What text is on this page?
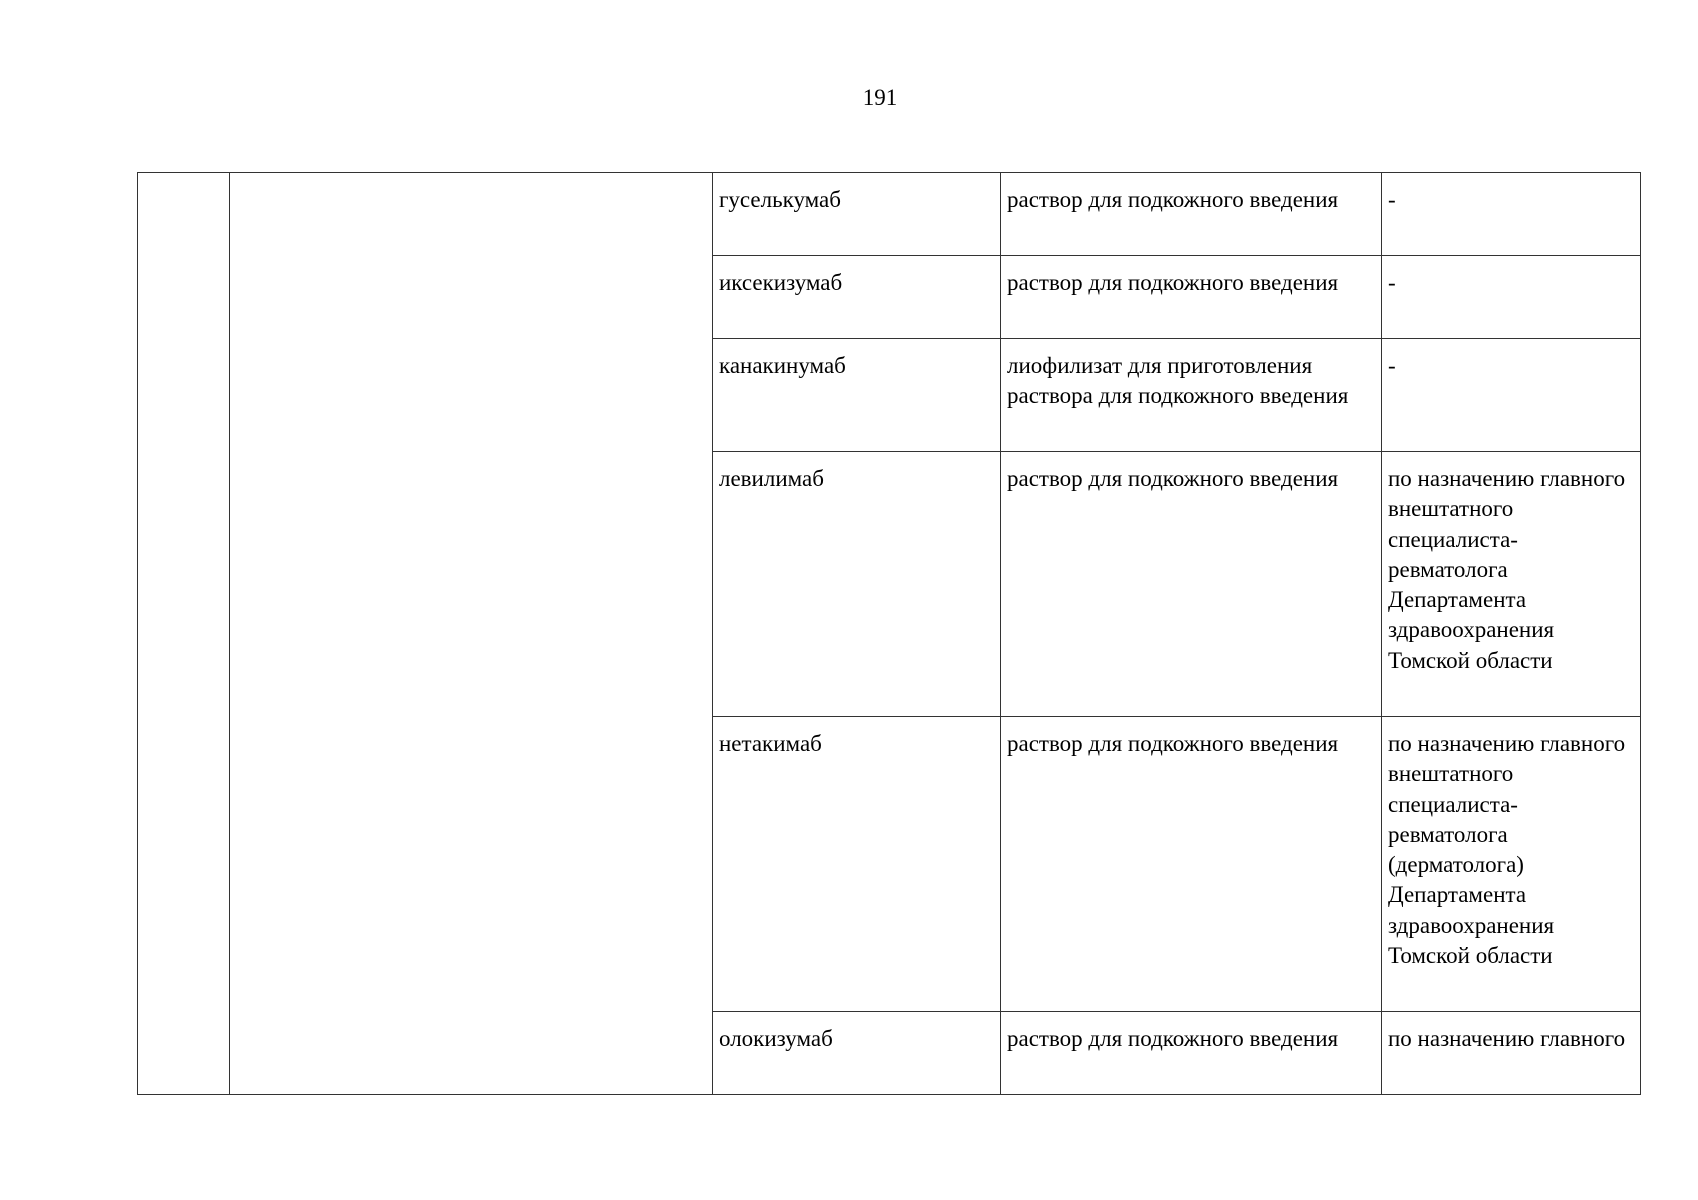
191
		гуселькумаб	раствор для подкожного введения	-
		иксекизумаб	раствор для подкожного введения	-
		канакинумаб	лиофилизат для приготовления раствора для подкожного введения	-
		левилимаб	раствор для подкожного введения	по назначению главного внештатного специалиста-ревматолога Департамента здравоохранения Томской области
		нетакимаб	раствор для подкожного введения	по назначению главного внештатного специалиста-ревматолога (дерматолога) Департамента здравоохранения Томской области
		олокизумаб	раствор для подкожного введения	по назначению главного
